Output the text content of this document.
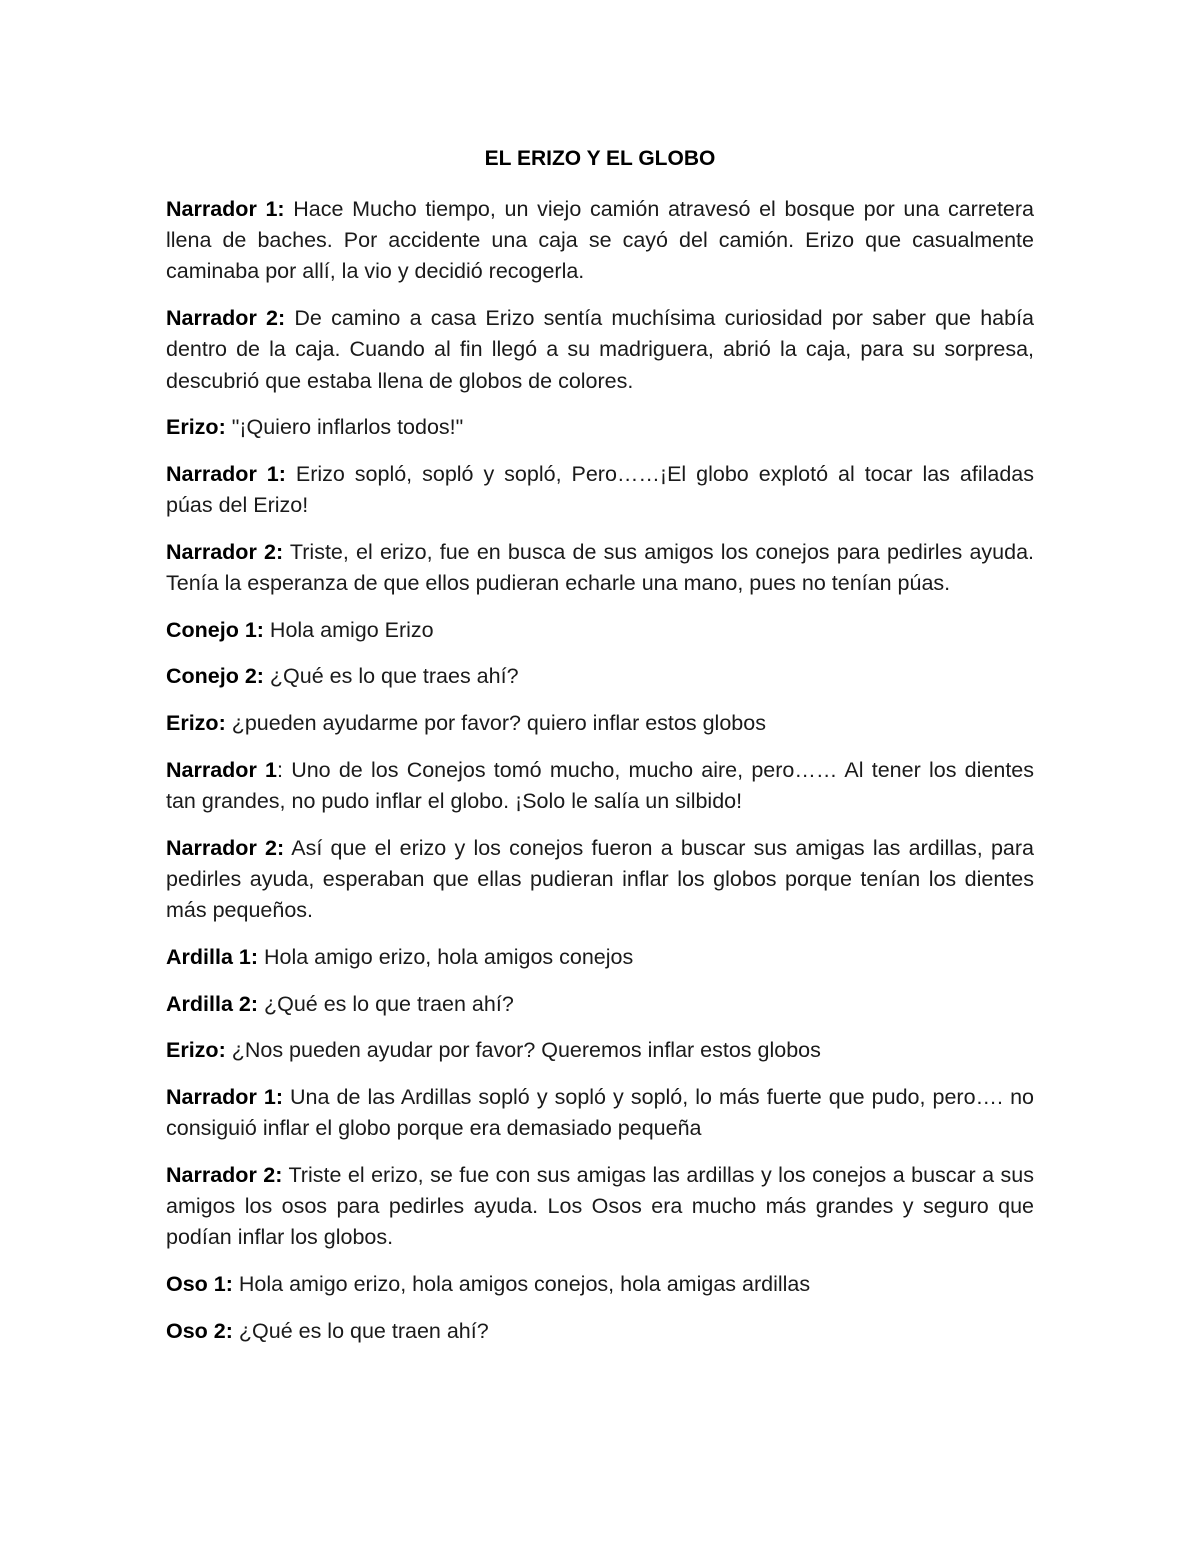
EL ERIZO Y EL GLOBO

Narrador 1: Hace Mucho tiempo, un viejo camión atravesó el bosque por una carretera llena de baches. Por accidente una caja se cayó del camión. Erizo que casualmente caminaba por allí, la vio y decidió recogerla.

Narrador 2: De camino a casa Erizo sentía muchísima curiosidad por saber que había dentro de la caja. Cuando al fin llegó a su madriguera, abrió la caja, para su sorpresa, descubrió que estaba llena de globos de colores.

Erizo: "¡Quiero inflarlos todos!"

Narrador 1: Erizo sopló, sopló y sopló, Pero……¡El globo explotó al tocar las afiladas púas del Erizo!

Narrador 2: Triste, el erizo, fue en busca de sus amigos los conejos para pedirles ayuda. Tenía la esperanza de que ellos pudieran echarle una mano, pues no tenían púas.

Conejo 1: Hola amigo Erizo

Conejo 2: ¿Qué es lo que traes ahí?

Erizo: ¿pueden ayudarme por favor? quiero inflar estos globos

Narrador 1: Uno de los Conejos tomó mucho, mucho aire, pero…… Al tener los dientes tan grandes, no pudo inflar el globo. ¡Solo le salía un silbido!

Narrador 2: Así que el erizo y los conejos fueron a buscar sus amigas las ardillas, para pedirles ayuda, esperaban que ellas pudieran inflar los globos porque tenían los dientes más pequeños.

Ardilla 1: Hola amigo erizo, hola amigos conejos

Ardilla 2: ¿Qué es lo que traen ahí?

Erizo: ¿Nos pueden ayudar por favor? Queremos inflar estos globos

Narrador 1: Una de las Ardillas sopló y sopló y sopló, lo más fuerte que pudo, pero…. no consiguió inflar el globo porque era demasiado pequeña

Narrador 2: Triste el erizo, se fue con sus amigas las ardillas y los conejos a buscar a sus amigos los osos para pedirles ayuda. Los Osos era mucho más grandes y seguro que podían inflar los globos.

Oso 1: Hola amigo erizo, hola amigos conejos, hola amigas ardillas

Oso 2: ¿Qué es lo que traen ahí?
